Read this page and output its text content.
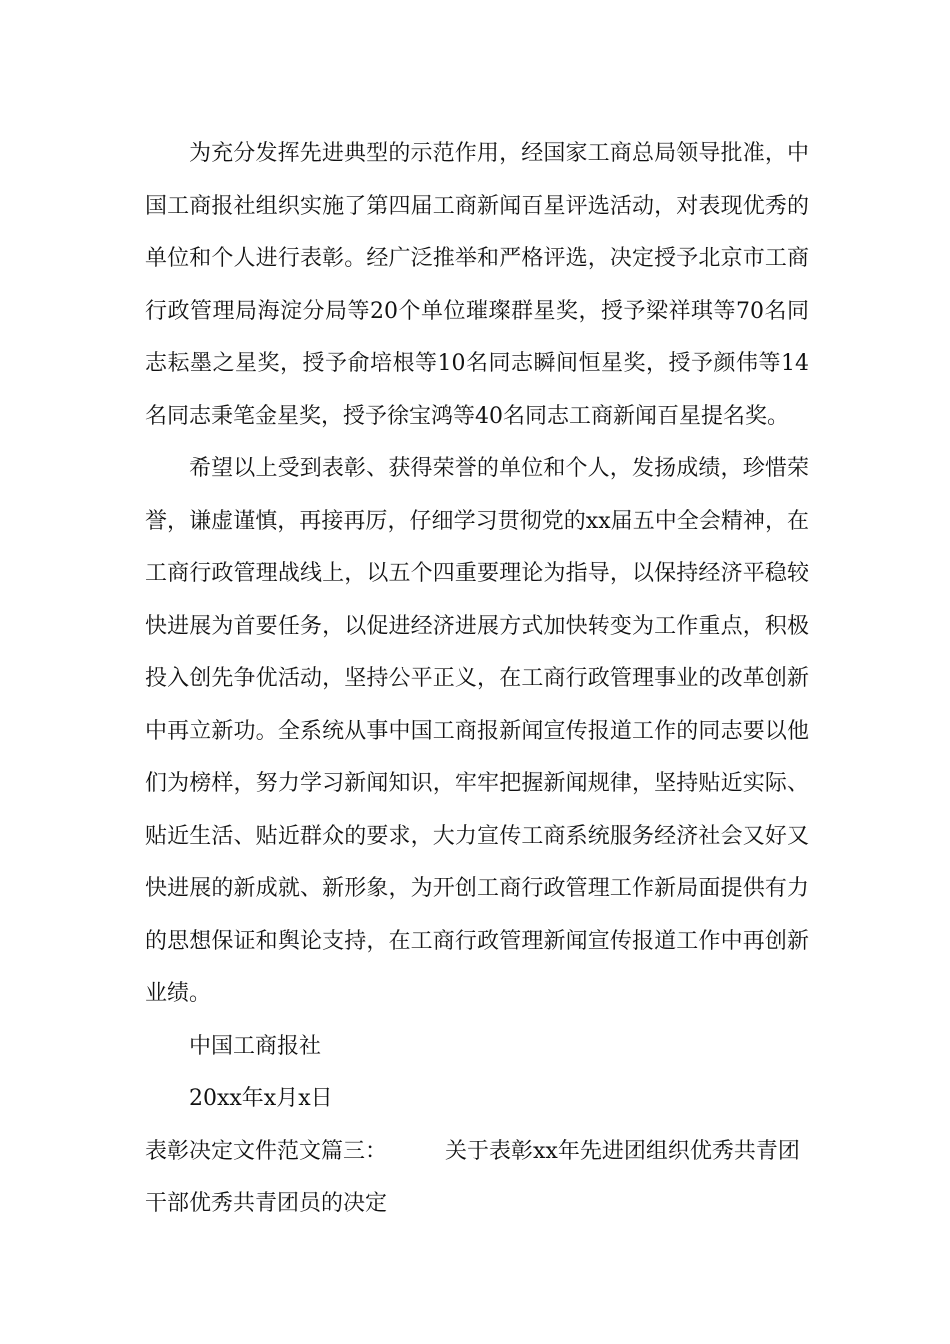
为充分发挥先进典型的示范作用，经国家工商总局领导批准，中国工商报社组织实施了第四届工商新闻百星评选活动，对表现优秀的单位和个人进行表彰。经广泛推举和严格评选，决定授予北京市工商行政管理局海淀分局等20个单位璀璨群星奖，授予梁祥琪等70名同志耘墨之星奖，授予俞培根等10名同志瞬间恒星奖，授予颜伟等14名同志秉笔金星奖，授予徐宝鸿等40名同志工商新闻百星提名奖。

希望以上受到表彰、获得荣誉的单位和个人，发扬成绩，珍惜荣誉，谦虚谨慎，再接再厉，仔细学习贯彻党的xx届五中全会精神，在工商行政管理战线上，以五个四重要理论为指导，以保持经济平稳较快进展为首要任务，以促进经济进展方式加快转变为工作重点，积极投入创先争优活动，坚持公平正义，在工商行政管理事业的改革创新中再立新功。全系统从事中国工商报新闻宣传报道工作的同志要以他们为榜样，努力学习新闻知识，牢牢把握新闻规律，坚持贴近实际、贴近生活、贴近群众的要求，大力宣传工商系统服务经济社会又好又快进展的新成就、新形象，为开创工商行政管理工作新局面提供有力的思想保证和舆论支持，在工商行政管理新闻宣传报道工作中再创新业绩。

中国工商报社

20xx年x月x日

表彰决定文件范文篇三：	关于表彰xx年先进团组织优秀共青团

干部优秀共青团员的决定
